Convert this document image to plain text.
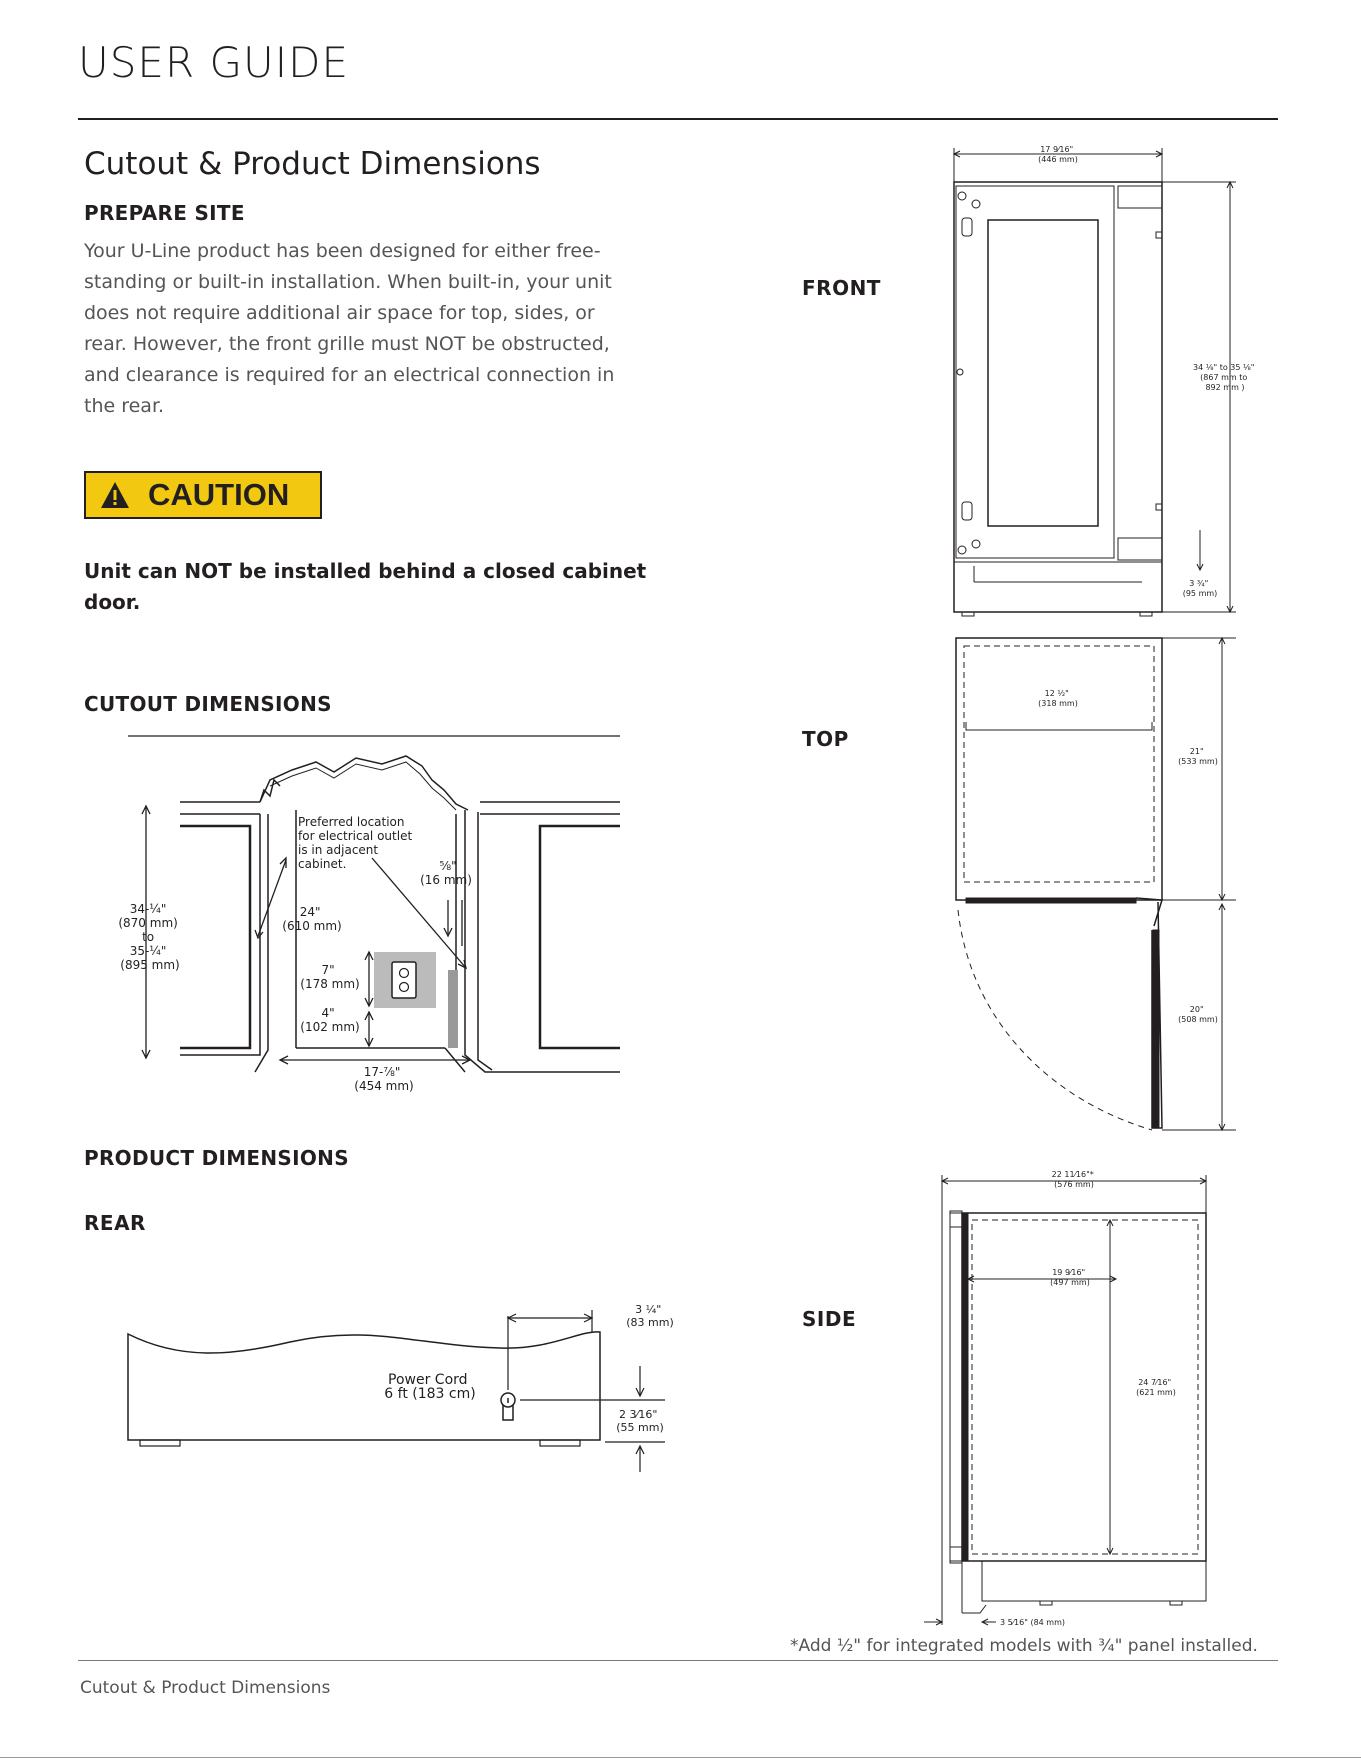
USER GUIDE
Cutout & Product Dimensions
PREPARE SITE
Your U-Line product has been designed for either free-standing or built-in installation. When built-in, your unit does not require additional air space for top, sides, or rear. However, the front grille must NOT be obstructed, and clearance is required for an electrical connection in the rear.
CAUTION
Unit can NOT be installed behind a closed cabinet door.
CUTOUT DIMENSIONS
Preferred location for electrical outlet is in adjacent cabinet.
34-¼" (870 mm) to 35-¼" (895 mm)
24" (610 mm)
7" (178 mm)
4" (102 mm)
⅝" (16 mm)
17-⅞" (454 mm)
PRODUCT DIMENSIONS
REAR
Power Cord 6 ft (183 cm)
3 ¼" (83 mm)
2 3⁄16" (55 mm)
FRONT
TOP
SIDE
17 9⁄16" (446 mm)
34 ⅛" to 35 ⅛" (867 mm to 892 mm )
3 ¾" (95 mm)
12 ½" (318 mm)
21" (533 mm)
20" (508 mm)
22 11⁄16"* (576 mm)
19 9⁄16" (497 mm)
24 7⁄16" (621 mm)
3 5⁄16" (84 mm)
*Add ½" for integrated models with ¾" panel installed.
Cutout & Product Dimensions
